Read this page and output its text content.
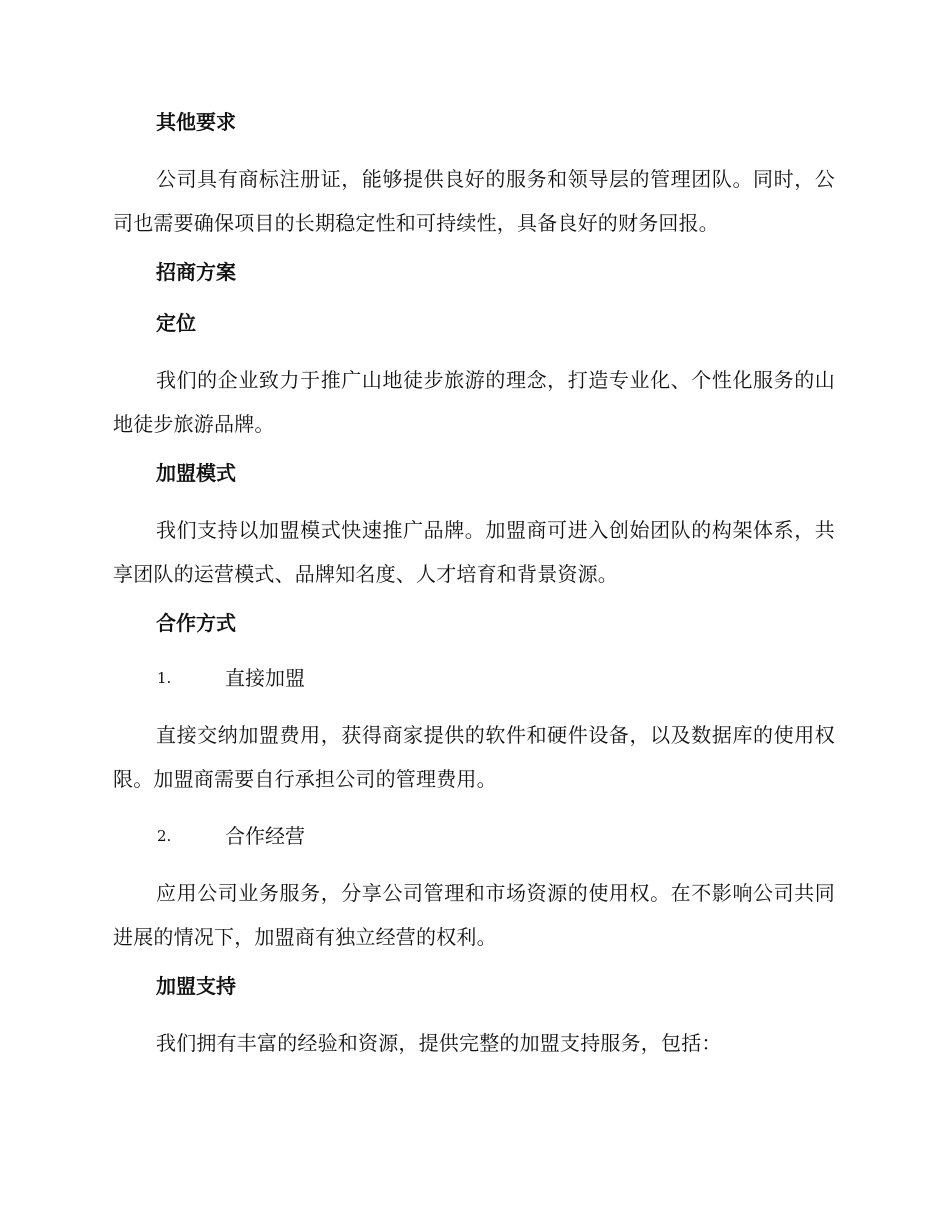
其他要求
公司具有商标注册证，能够提供良好的服务和领导层的管理团队。同时，公司也需要确保项目的长期稳定性和可持续性，具备良好的财务回报。
招商方案
定位
我们的企业致力于推广山地徒步旅游的理念，打造专业化、个性化服务的山地徒步旅游品牌。
加盟模式
我们支持以加盟模式快速推广品牌。加盟商可进入创始团队的构架体系，共享团队的运营模式、品牌知名度、人才培育和背景资源。
合作方式
1.	直接加盟
直接交纳加盟费用，获得商家提供的软件和硬件设备，以及数据库的使用权限。加盟商需要自行承担公司的管理费用。
2.	合作经营
应用公司业务服务，分享公司管理和市场资源的使用权。在不影响公司共同进展的情况下，加盟商有独立经营的权利。
加盟支持
我们拥有丰富的经验和资源，提供完整的加盟支持服务，包括：
